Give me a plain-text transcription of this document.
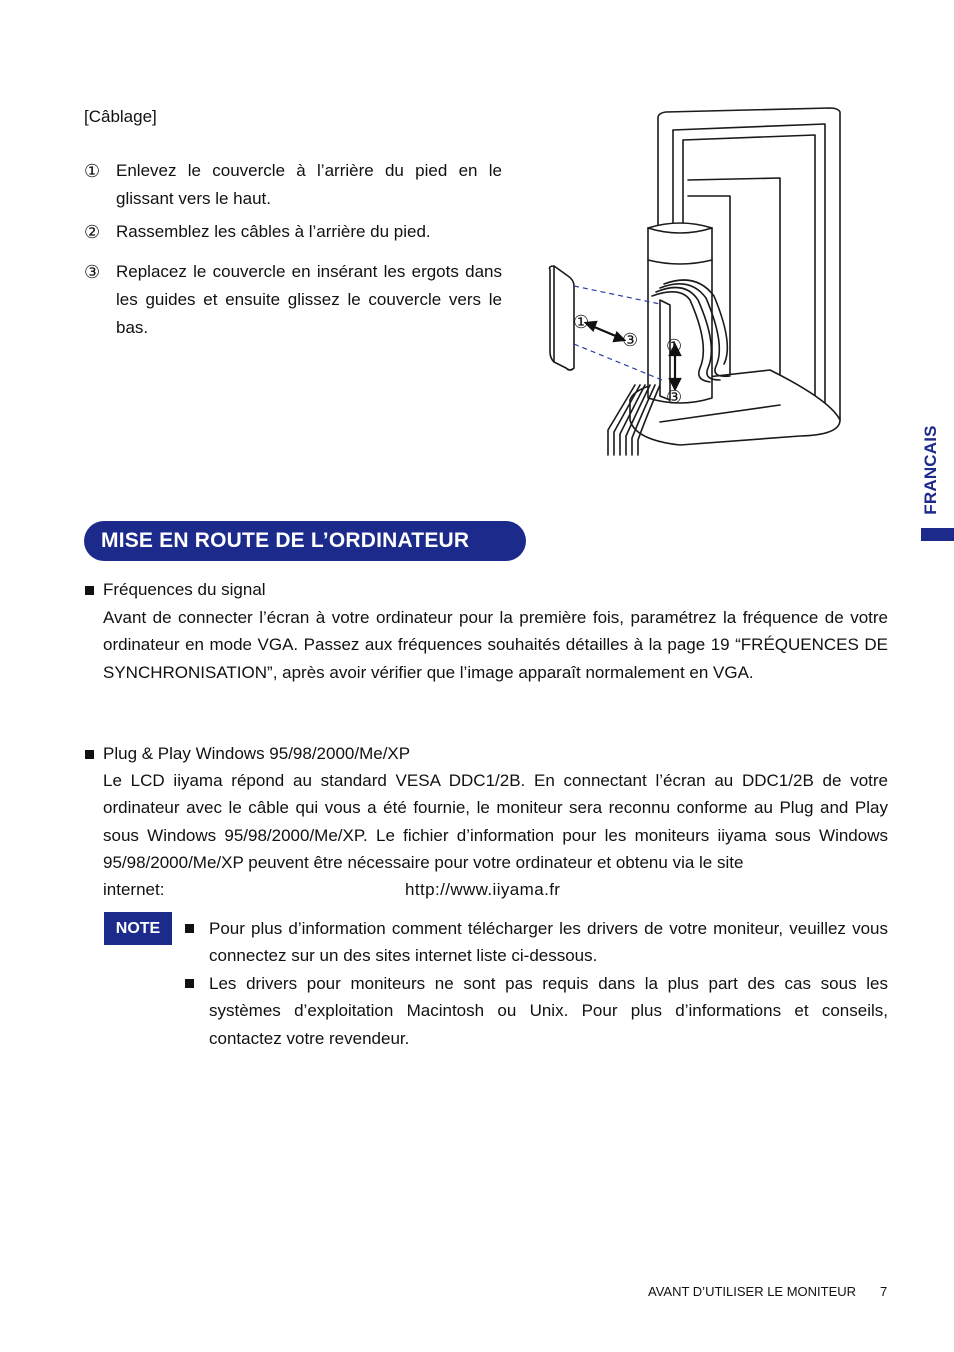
[Câblage]
① Enlevez le couvercle à l’arrière du pied en le glissant vers le haut.
② Rassemblez les câbles à l’arrière du pied.
③ Replacez le couvercle en insérant les ergots dans les guides et ensuite glissez le couvercle vers le bas.	①
③ ①
③
FRANCAIS
MISE EN ROUTE DE L’ORDINATEUR
Fréquences du signal
Avant de connecter l’écran à votre ordinateur pour la première fois, paramétrez la fréquence de votre ordinateur en mode VGA. Passez aux fréquences souhaités détailles à la page 19 “FRÉQUENCES DE SYNCHRONISATION”, après avoir vérifier que l’image apparaît normalement en VGA.
Plug & Play Windows 95/98/2000/Me/XP
Le LCD iiyama répond au standard VESA DDC1/2B. En connectant l’écran au DDC1/2B de votre ordinateur avec le câble qui vous a été fournie, le moniteur sera reconnu conforme au Plug and Play sous Windows 95/98/2000/Me/XP. Le fichier d’information pour les moniteurs iiyama sous Windows 95/98/2000/Me/XP peuvent être nécessaire pour votre ordinateur et obtenu via le site
internet:	http://www.iiyama.fr
NOTE	Pour plus d’information comment télécharger les drivers de votre moniteur, veuillez vous connectez sur un des sites internet liste ci-dessous.
Les drivers pour moniteurs ne sont pas requis dans la plus part des cas sous les systèmes d’exploitation Macintosh ou Unix. Pour plus d’informations et conseils, contactez votre revendeur.
AVANT D’UTILISER LE MONITEUR 7
